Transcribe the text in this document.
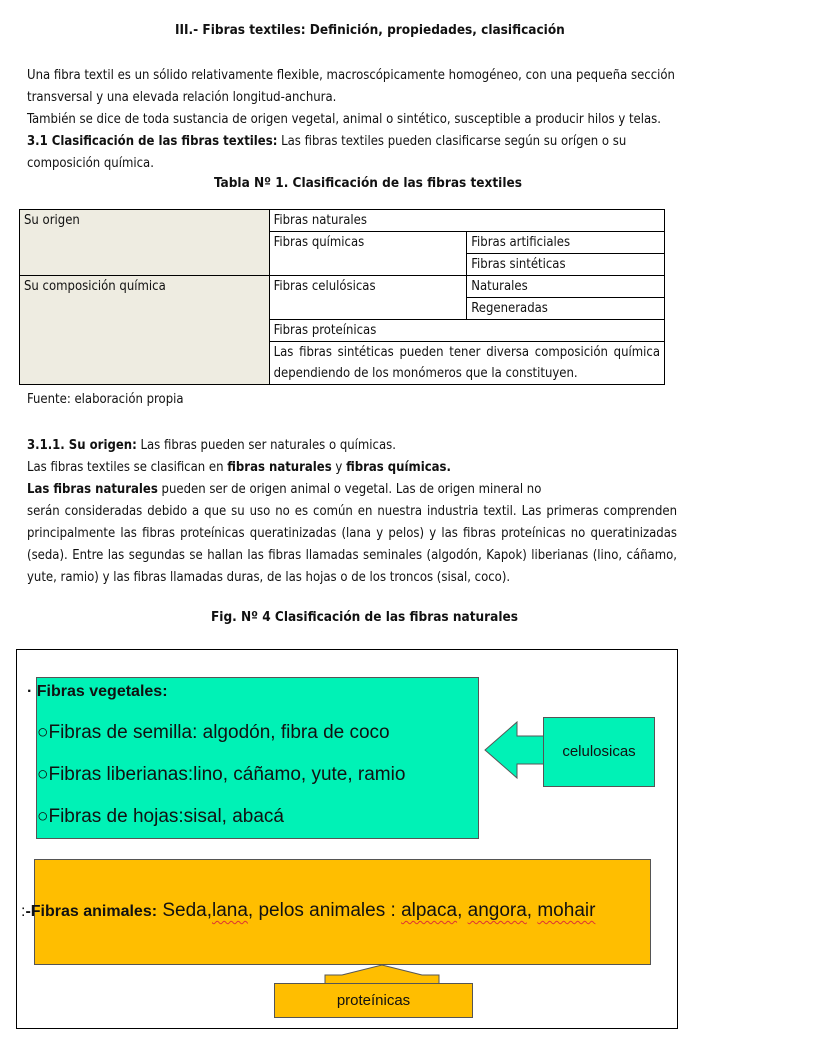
III.- Fibras textiles: Definición, propiedades, clasificación
Una fibra textil es un sólido relativamente flexible, macroscópicamente homogéneo, con una pequeña sección
transversal y una elevada relación longitud-anchura.
También se dice de toda sustancia de origen vegetal, animal o sintético, susceptible a producir hilos y telas.
3.1 Clasificación de las fibras textiles: Las fibras textiles pueden clasificarse según su orígen o su
composición química.
Tabla Nº 1. Clasificación de las fibras textiles
Su origen	Fibras naturales	
	Fibras químicas	Fibras artificiales
		Fibras sintéticas
Su composición química	Fibras celulósicas	Naturales
		Regeneradas
	Fibras proteínicas	

	Las fibras sintéticas pueden tener diversa composición química
dependiendo de los monómeros que la constituyen.	
Fuente: elaboración propia
3.1.1. Su origen: Las fibras pueden ser naturales o químicas.
Las fibras textiles se clasifican en fibras naturales y fibras químicas.
Las fibras naturales pueden ser de origen animal o vegetal. Las de origen mineral no
serán consideradas debido a que su uso no es común en nuestra industria textil. Las primeras comprenden
principalmente las fibras proteínicas queratinizadas (lana y pelos) y las fibras proteínicas no queratinizadas
(seda). Entre las segundas se hallan las fibras llamadas seminales (algodón, Kapok) liberianas (lino, cáñamo,
yute, ramio) y las fibras llamadas duras, de las hojas o de los troncos (sisal, coco).
Fig. Nº 4 Clasificación de las fibras naturales
· Fibras vegetales:
○Fibras de semilla: algodón, fibra de coco
○Fibras liberianas:lino, cáñamo, yute, ramio
○Fibras de hojas:sisal, abacá
celulosicas
:-Fibras animales: Seda,lana, pelos animales : alpaca, angora, mohair
proteínicas
